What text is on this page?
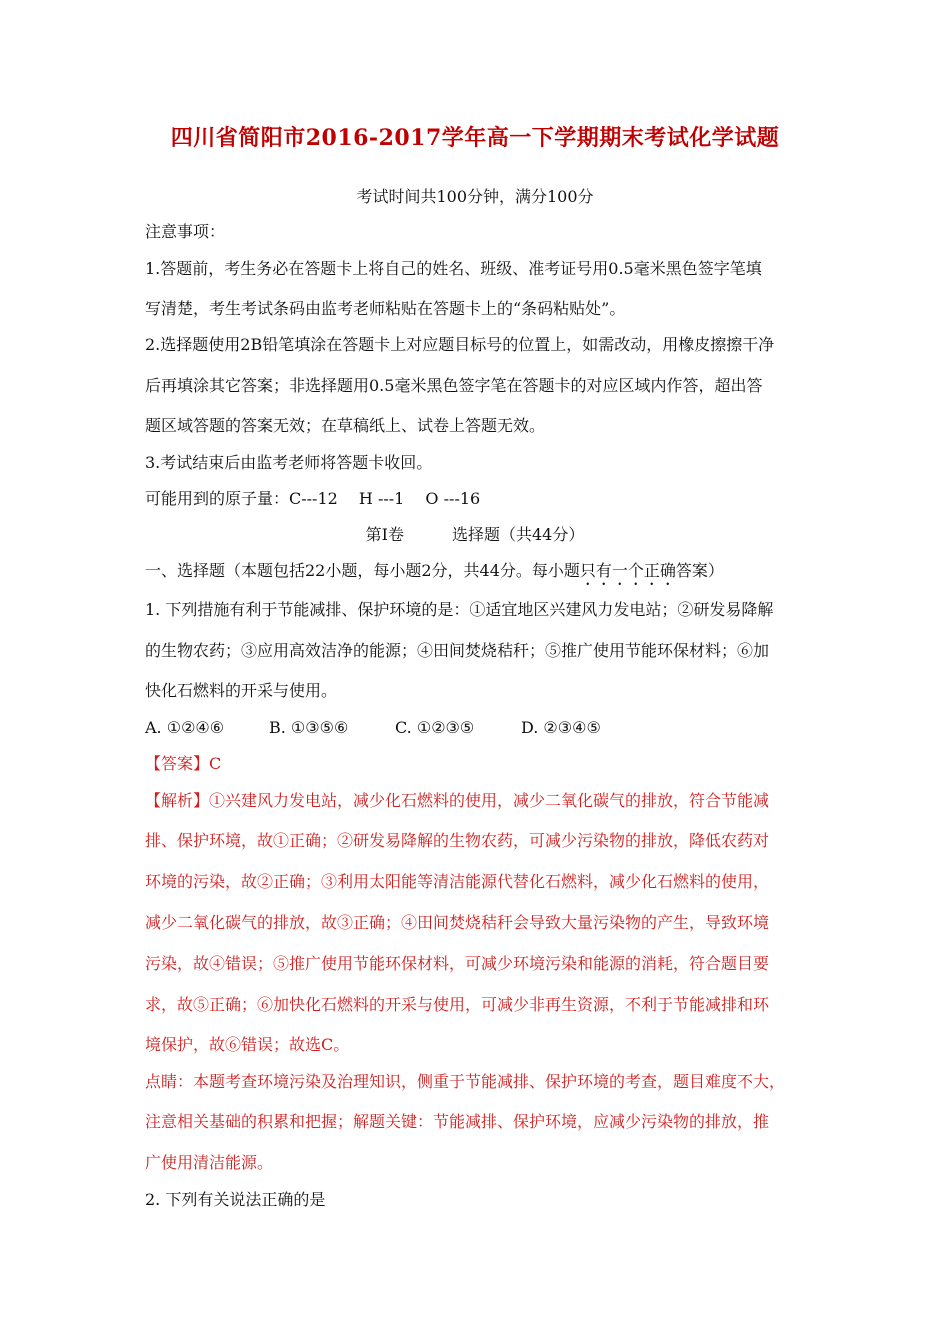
四川省简阳市2016-2017学年高一下学期期末考试化学试题
考试时间共100分钟，满分100分
注意事项：
1.答题前，考生务必在答题卡上将自己的姓名、班级、准考证号用0.5毫米黑色签字笔填
写清楚，考生考试条码由监考老师粘贴在答题卡上的“条码粘贴处”。
2.选择题使用2B铅笔填涂在答题卡上对应题目标号的位置上，如需改动，用橡皮擦擦干净
后再填涂其它答案；非选择题用0.5毫米黑色签字笔在答题卡的对应区域内作答，超出答
题区域答题的答案无效；在草稿纸上、试卷上答题无效。
3.考试结束后由监考老师将答题卡收回。
可能用到的原子量：C---12　 H ---1　 O ---16
第Ⅰ卷　　　选择题（共44分）
一、选择题（本题包括22小题，每小题2分，共44分。每小题只有一个正确答案）
1. 下列措施有利于节能减排、保护环境的是：①适宜地区兴建风力发电站；②研发易降解
的生物农药；③应用高效洁净的能源；④田间焚烧秸秆；⑤推广使用节能环保材料；⑥加
快化石燃料的开采与使用。
A. ①②④⑥	B. ①③⑤⑥	C. ①②③⑤	D. ②③④⑤
【答案】C
【解析】①兴建风力发电站，减少化石燃料的使用，减少二氧化碳气的排放，符合节能减
排、保护环境，故①正确；②研发易降解的生物农药，可减少污染物的排放，降低农药对
环境的污染，故②正确；③利用太阳能等清洁能源代替化石燃料，减少化石燃料的使用，
减少二氧化碳气的排放，故③正确；④田间焚烧秸秆会导致大量污染物的产生，导致环境
污染，故④错误；⑤推广使用节能环保材料，可减少环境污染和能源的消耗，符合题目要
求，故⑤正确；⑥加快化石燃料的开采与使用，可减少非再生资源，不利于节能减排和环
境保护，故⑥错误；故选C。
点睛：本题考查环境污染及治理知识，侧重于节能减排、保护环境的考查，题目难度不大，
注意相关基础的积累和把握；解题关键：节能减排、保护环境，应减少污染物的排放，推
广使用清洁能源。
2. 下列有关说法正确的是
